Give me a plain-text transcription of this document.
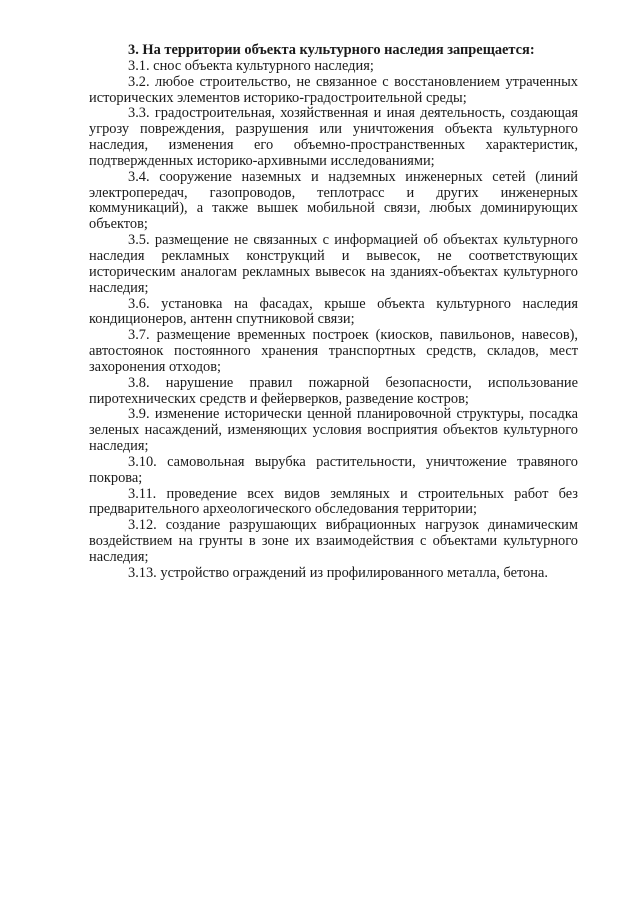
3. На территории объекта культурного наследия запрещается:

3.1. снос объекта культурного наследия;

3.2. любое строительство, не связанное с восстановлением утраченных исторических элементов историко-градостроительной среды;

3.3. градостроительная, хозяйственная и иная деятельность, создающая угрозу повреждения, разрушения или уничтожения объекта культурного наследия, изменения его объемно-пространственных характеристик, подтвержденных историко-архивными исследованиями;

3.4. сооружение наземных и надземных инженерных сетей (линий электропередач, газопроводов, теплотрасс и других инженерных коммуникаций), а также вышек мобильной связи, любых доминирующих объектов;

3.5. размещение не связанных с информацией об объектах культурного наследия рекламных конструкций и вывесок, не соответствующих историческим аналогам рекламных вывесок на зданиях-объектах культурного наследия;

3.6. установка на фасадах, крыше объекта культурного наследия кондиционеров, антенн спутниковой связи;

3.7. размещение временных построек (киосков, павильонов, навесов), автостоянок постоянного хранения транспортных средств, складов, мест захоронения отходов;

3.8. нарушение правил пожарной безопасности, использование пиротехнических средств и фейерверков, разведение костров;

3.9. изменение исторически ценной планировочной структуры, посадка зеленых насаждений, изменяющих условия восприятия объектов культурного наследия;

3.10. самовольная вырубка растительности, уничтожение травяного покрова;

3.11. проведение всех видов земляных и строительных работ без предварительного археологического обследования территории;

3.12. создание разрушающих вибрационных нагрузок динамическим воздействием на грунты в зоне их взаимодействия с объектами культурного наследия;

3.13. устройство ограждений из профилированного металла, бетона.
